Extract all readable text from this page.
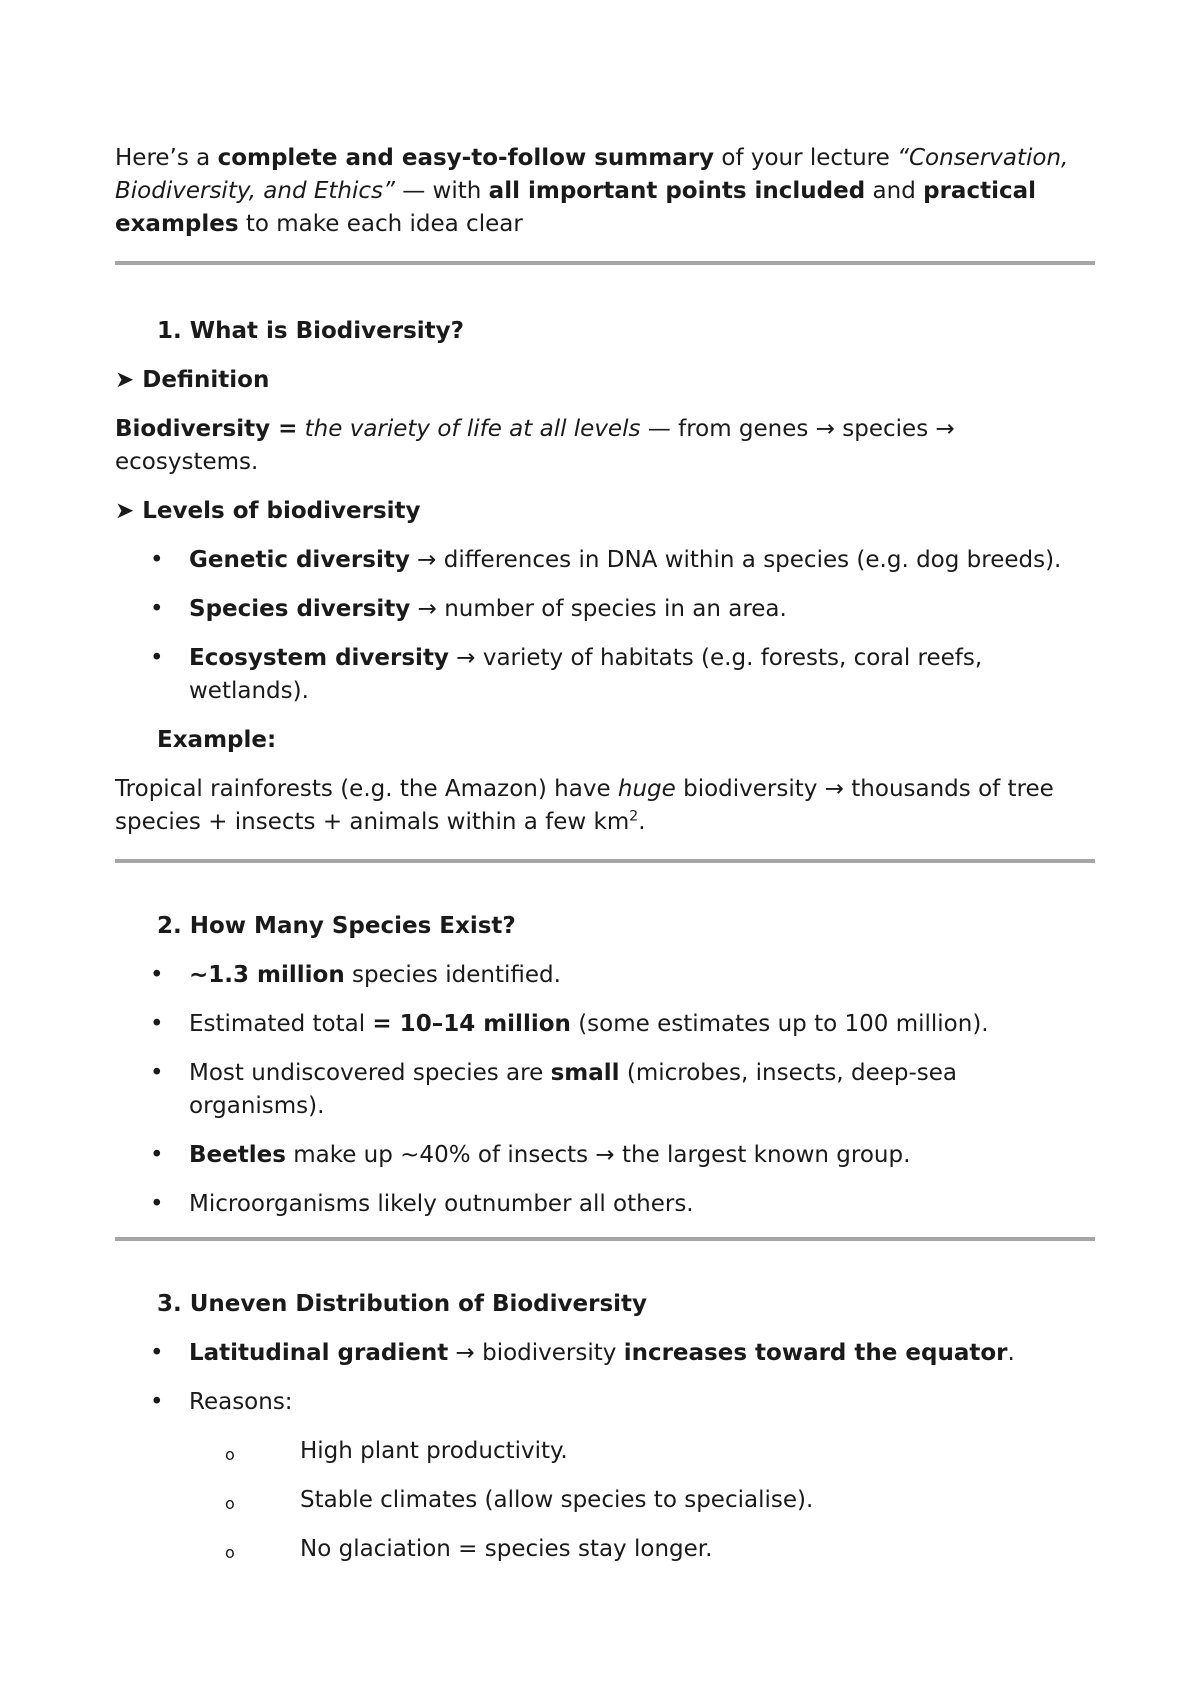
Here’s a complete and easy-to-follow summary of your lecture “Conservation, Biodiversity, and Ethics” — with all important points included and practical examples to make each idea clear

1. What is Biodiversity?

➤ Definition

Biodiversity = the variety of life at all levels — from genes → species → ecosystems.

➤ Levels of biodiversity

• Genetic diversity → differences in DNA within a species (e.g. dog breeds).
• Species diversity → number of species in an area.
• Ecosystem diversity → variety of habitats (e.g. forests, coral reefs, wetlands).

Example:

Tropical rainforests (e.g. the Amazon) have huge biodiversity → thousands of tree species + insects + animals within a few $km^2$.

2. How Many Species Exist?

• ~1.3 million species identified.
• Estimated total = 10–14 million (some estimates up to 100 million).
• Most undiscovered species are small (microbes, insects, deep-sea organisms).
• Beetles make up ~40% of insects → the largest known group.
• Microorganisms likely outnumber all others.

3. Uneven Distribution of Biodiversity

• Latitudinal gradient → biodiversity increases toward the equator.
• Reasons:
o	High plant productivity.
o	Stable climates (allow species to specialise).
o	No glaciation = species stay longer.
